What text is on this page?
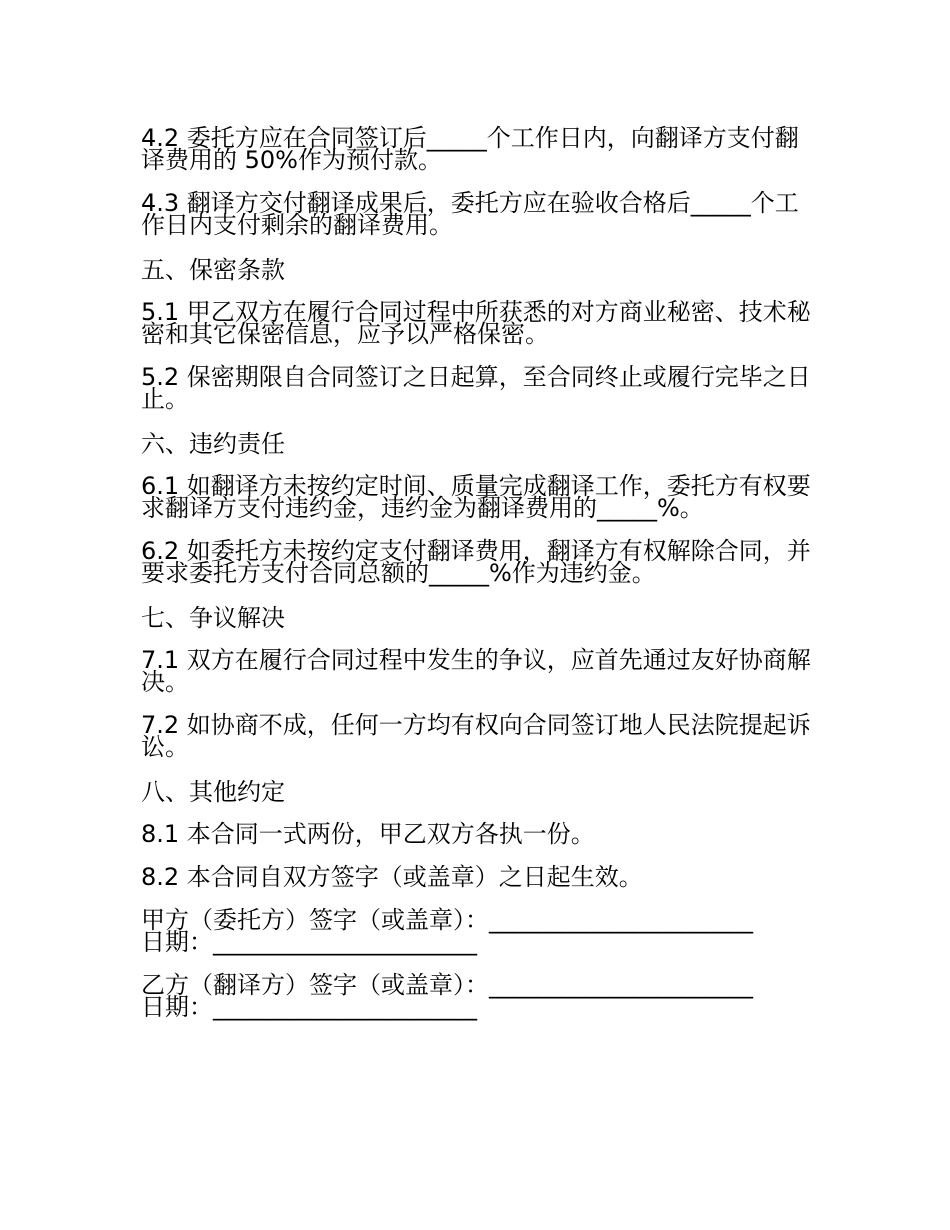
4.2 委托方应在合同签订后_____个工作日内，向翻译方支付翻译费用的 50%作为预付款。

4.3 翻译方交付翻译成果后，委托方应在验收合格后_____个工作日内支付剩余的翻译费用。

五、保密条款

5.1 甲乙双方在履行合同过程中所获悉的对方商业秘密、技术秘密和其它保密信息，应予以严格保密。

5.2 保密期限自合同签订之日起算，至合同终止或履行完毕之日止。

六、违约责任

6.1 如翻译方未按约定时间、质量完成翻译工作，委托方有权要求翻译方支付违约金，违约金为翻译费用的_____%。

6.2 如委托方未按约定支付翻译费用，翻译方有权解除合同，并要求委托方支付合同总额的_____%作为违约金。

七、争议解决

7.1 双方在履行合同过程中发生的争议，应首先通过友好协商解决。

7.2 如协商不成，任何一方均有权向合同签订地人民法院提起诉讼。

八、其他约定

8.1 本合同一式两份，甲乙双方各执一份。

8.2 本合同自双方签字（或盖章）之日起生效。

甲方（委托方）签字（或盖章）：______________________
日期：______________________
乙方（翻译方）签字（或盖章）：______________________
日期：______________________
